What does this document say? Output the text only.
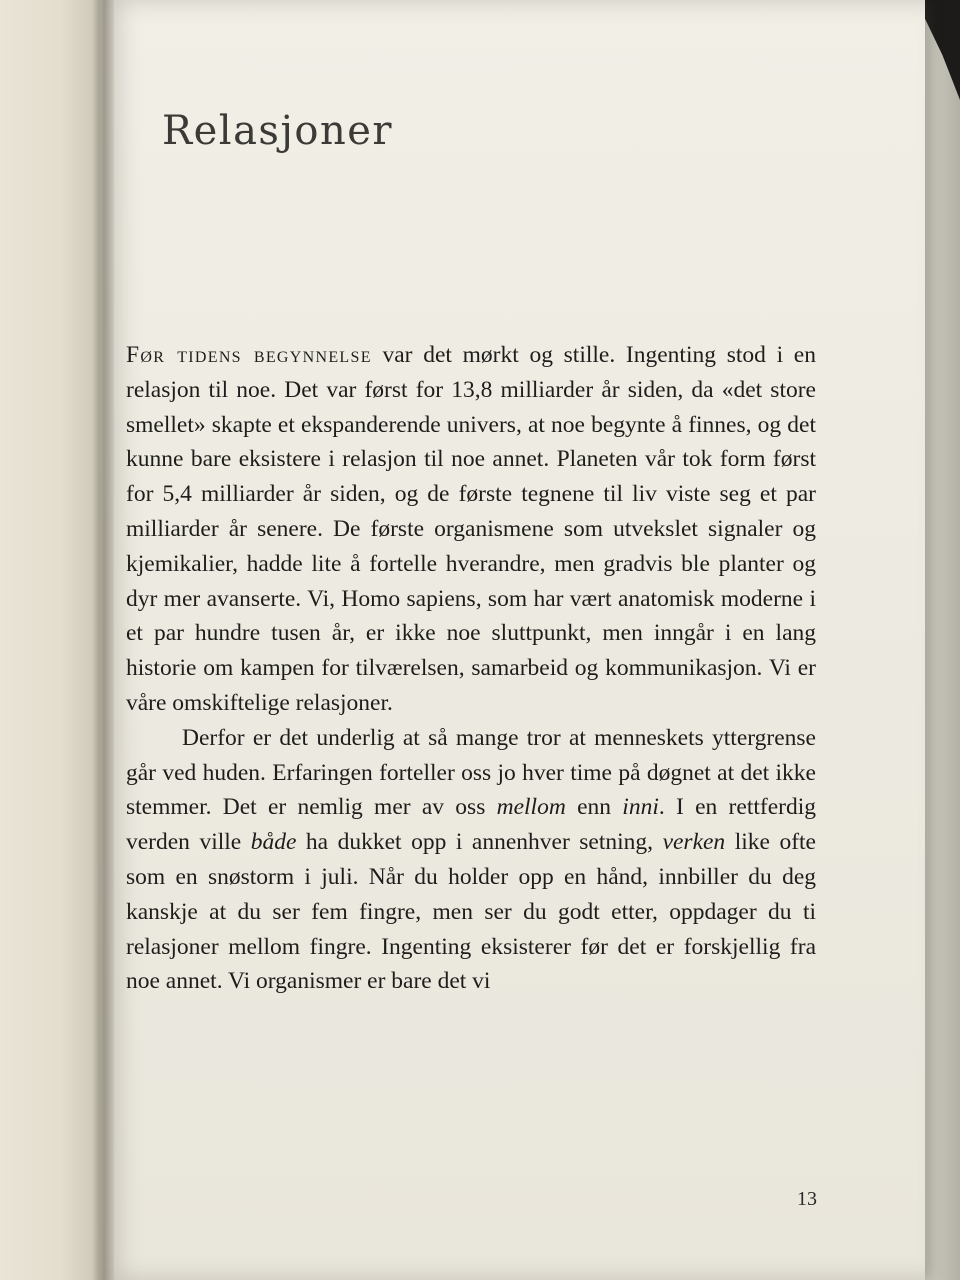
Relasjoner

Før tidens begynnelse var det mørkt og stille. Ingenting stod i en relasjon til noe. Det var først for 13,8 milliarder år siden, da «det store smellet» skapte et ekspanderende univers, at noe begynte å finnes, og det kunne bare eksistere i relasjon til noe annet. Planeten vår tok form først for 5,4 milliarder år siden, og de første tegnene til liv viste seg et par milliarder år senere. De første organismene som utvekslet signaler og kjemikalier, hadde lite å fortelle hverandre, men gradvis ble planter og dyr mer avanserte. Vi, Homo sapiens, som har vært anatomisk moderne i et par hundre tusen år, er ikke noe sluttpunkt, men inngår i en lang historie om kampen for tilværelsen, samarbeid og kommunikasjon. Vi er våre omskiftelige relasjoner.

Derfor er det underlig at så mange tror at menneskets yttergrense går ved huden. Erfaringen forteller oss jo hver time på døgnet at det ikke stemmer. Det er nemlig mer av oss mellom enn inni. I en rettferdig verden ville både ha dukket opp i annenhver setning, verken like ofte som en snøstorm i juli. Når du holder opp en hånd, innbiller du deg kanskje at du ser fem fingre, men ser du godt etter, oppdager du ti relasjoner mellom fingre. Ingenting eksisterer før det er forskjellig fra noe annet. Vi organismer er bare det vi

13
